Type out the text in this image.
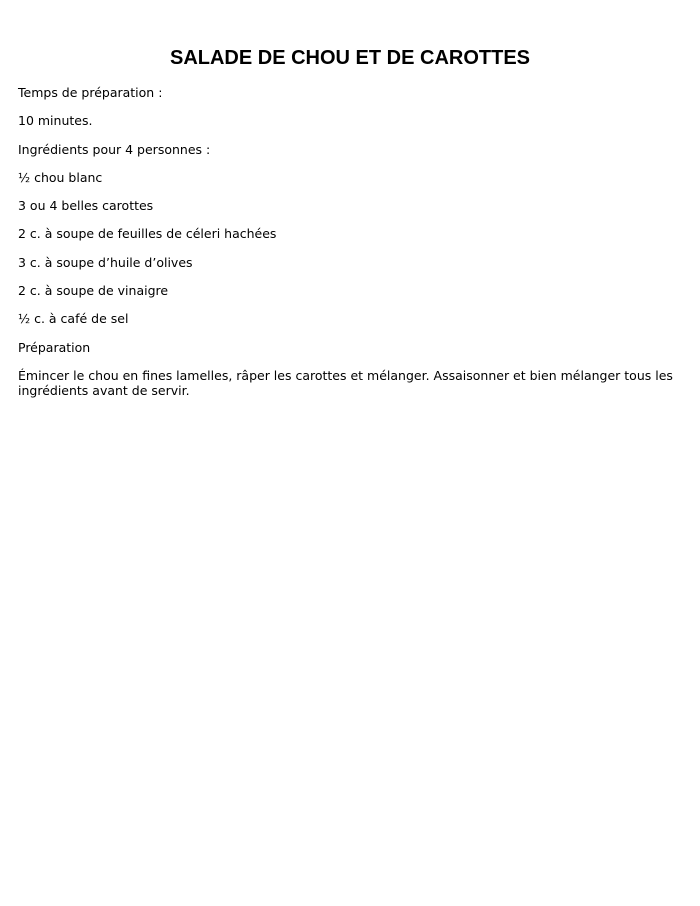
SALADE DE CHOU ET DE CAROTTES

Temps de préparation :

10 minutes.

Ingrédients pour 4 personnes :

½ chou blanc

3 ou 4 belles carottes

2 c. à soupe de feuilles de céleri hachées

3 c. à soupe d’huile d’olives

2 c. à soupe de vinaigre

½ c. à café de sel

Préparation

Émincer le chou en fines lamelles, râper les carottes et mélanger. Assaisonner et bien mélanger tous les ingrédients avant de servir.
